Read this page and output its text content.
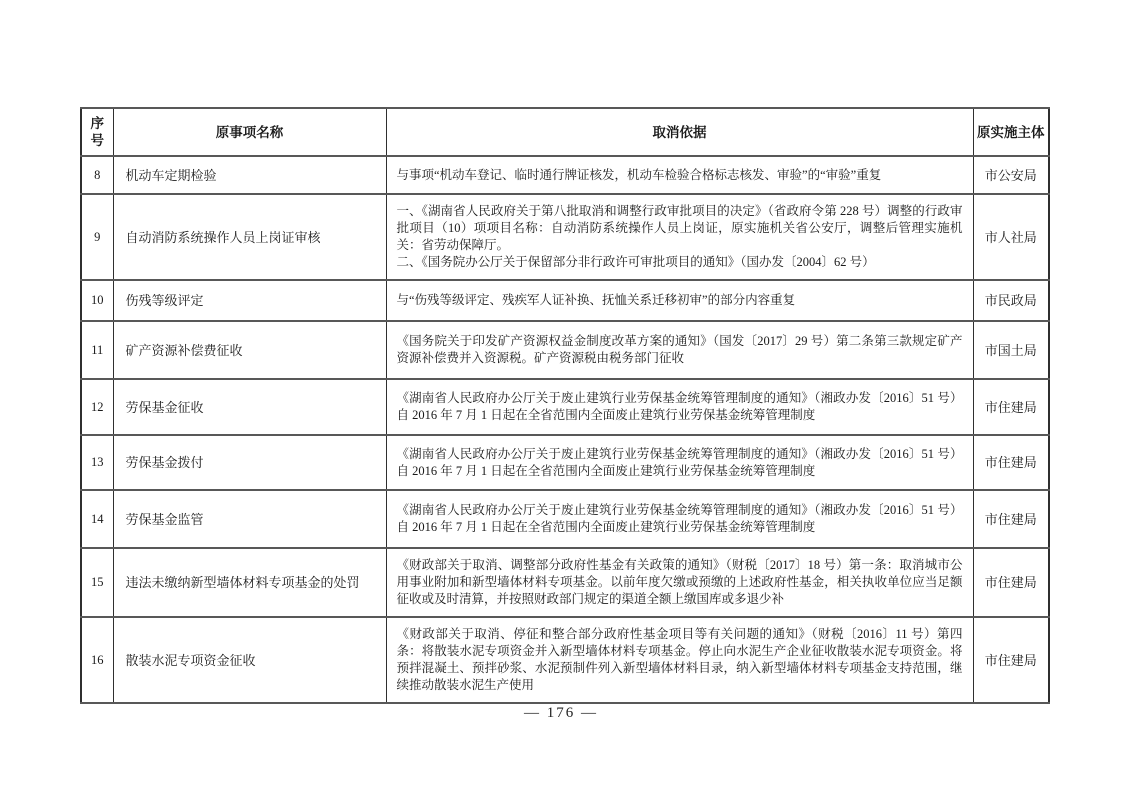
序
号	原事项名称	取消依据	原实施主体
8	机动车定期检验	与事项“机动车登记、临时通行牌证核发，机动车检验合格标志核发、审验”的“审验”重复	市公安局
9	自动消防系统操作人员上岗证审核	一、《湖南省人民政府关于第八批取消和调整行政审批项目的决定》（省政府令第 228 号）调整的行政审批项目（10）项项目名称：自动消防系统操作人员上岗证，原实施机关省公安厅，调整后管理实施机关：省劳动保障厅。
二、《国务院办公厅关于保留部分非行政许可审批项目的通知》（国办发〔2004〕62 号）	市人社局
10	伤残等级评定	与“伤残等级评定、残疾军人证补换、抚恤关系迁移初审”的部分内容重复	市民政局
11	矿产资源补偿费征收	《国务院关于印发矿产资源权益金制度改革方案的通知》（国发〔2017〕29 号）第二条第三款规定矿产资源补偿费并入资源税。矿产资源税由税务部门征收	市国土局
12	劳保基金征收	《湖南省人民政府办公厅关于废止建筑行业劳保基金统筹管理制度的通知》（湘政办发〔2016〕51 号）自 2016 年 7 月 1 日起在全省范围内全面废止建筑行业劳保基金统筹管理制度	市住建局
13	劳保基金拨付	《湖南省人民政府办公厅关于废止建筑行业劳保基金统筹管理制度的通知》（湘政办发〔2016〕51 号）自 2016 年 7 月 1 日起在全省范围内全面废止建筑行业劳保基金统筹管理制度	市住建局
14	劳保基金监管	《湖南省人民政府办公厅关于废止建筑行业劳保基金统筹管理制度的通知》（湘政办发〔2016〕51 号）自 2016 年 7 月 1 日起在全省范围内全面废止建筑行业劳保基金统筹管理制度	市住建局
15	违法未缴纳新型墙体材料专项基金的处罚	《财政部关于取消、调整部分政府性基金有关政策的通知》（财税〔2017〕18 号）第一条：取消城市公用事业附加和新型墙体材料专项基金。以前年度欠缴或预缴的上述政府性基金，相关执收单位应当足额征收或及时清算，并按照财政部门规定的渠道全额上缴国库或多退少补	市住建局
16	散装水泥专项资金征收	《财政部关于取消、停征和整合部分政府性基金项目等有关问题的通知》（财税〔2016〕11 号）第四条：将散装水泥专项资金并入新型墙体材料专项基金。停止向水泥生产企业征收散装水泥专项资金。将预拌混凝土、预拌砂浆、水泥预制件列入新型墙体材料目录，纳入新型墙体材料专项基金支持范围，继续推动散装水泥生产使用	市住建局
— 176 —
